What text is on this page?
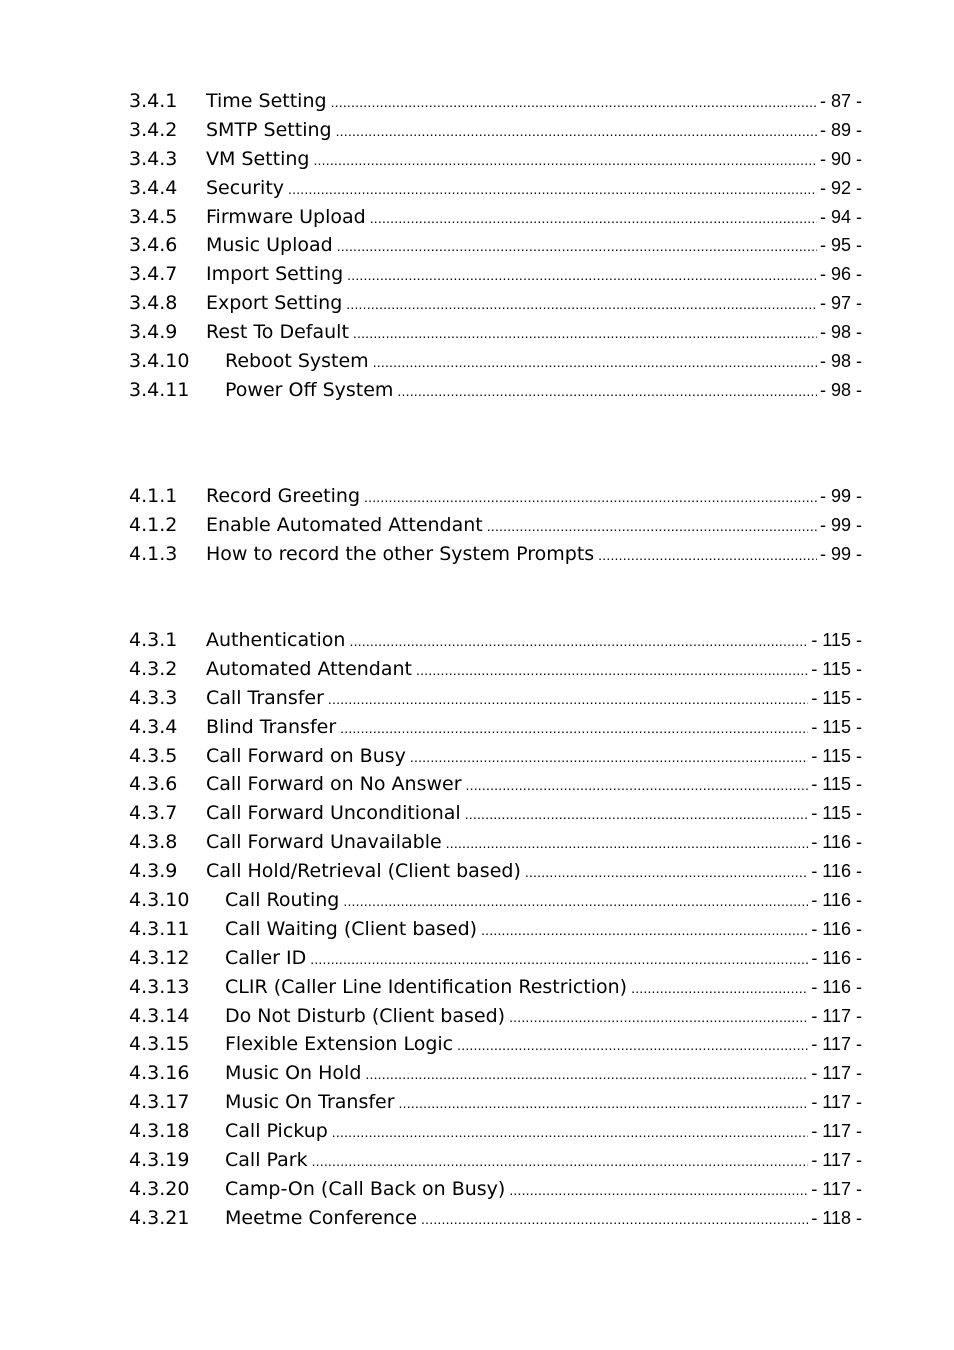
3.4.1	Time Setting .....	- 87 -
3.4.2	SMTP Setting .....	- 89 -
3.4.3	VM Setting .....	- 90 -
3.4.4	Security .....	- 92 -
3.4.5	Firmware Upload .....	- 94 -
3.4.6	Music Upload .....	- 95 -
3.4.7	Import Setting .....	- 96 -
3.4.8	Export Setting .....	- 97 -
3.4.9	Rest To Default .....	- 98 -
3.4.10	Reboot System .....	- 98 -
3.4.11	Power Off System .....	- 98 -
4.1.1	Record Greeting .....	- 99 -
4.1.2	Enable Automated Attendant .....	- 99 -
4.1.3	How to record the other System Prompts .....	- 99 -
4.3.1	Authentication .....	- 115 -
4.3.2	Automated Attendant .....	- 115 -
4.3.3	Call Transfer .....	- 115 -
4.3.4	Blind Transfer .....	- 115 -
4.3.5	Call Forward on Busy .....	- 115 -
4.3.6	Call Forward on No Answer .....	- 115 -
4.3.7	Call Forward Unconditional .....	- 115 -
4.3.8	Call Forward Unavailable .....	- 116 -
4.3.9	Call Hold/Retrieval (Client based) .....	- 116 -
4.3.10	Call Routing .....	- 116 -
4.3.11	Call Waiting (Client based) .....	- 116 -
4.3.12	Caller ID .....	- 116 -
4.3.13	CLIR (Caller Line Identification Restriction) .....	- 116 -
4.3.14	Do Not Disturb (Client based) .....	- 117 -
4.3.15	Flexible Extension Logic .....	- 117 -
4.3.16	Music On Hold .....	- 117 -
4.3.17	Music On Transfer .....	- 117 -
4.3.18	Call Pickup .....	- 117 -
4.3.19	Call Park .....	- 117 -
4.3.20	Camp-On (Call Back on Busy) .....	- 117 -
4.3.21	Meetme Conference .....	- 118 -
